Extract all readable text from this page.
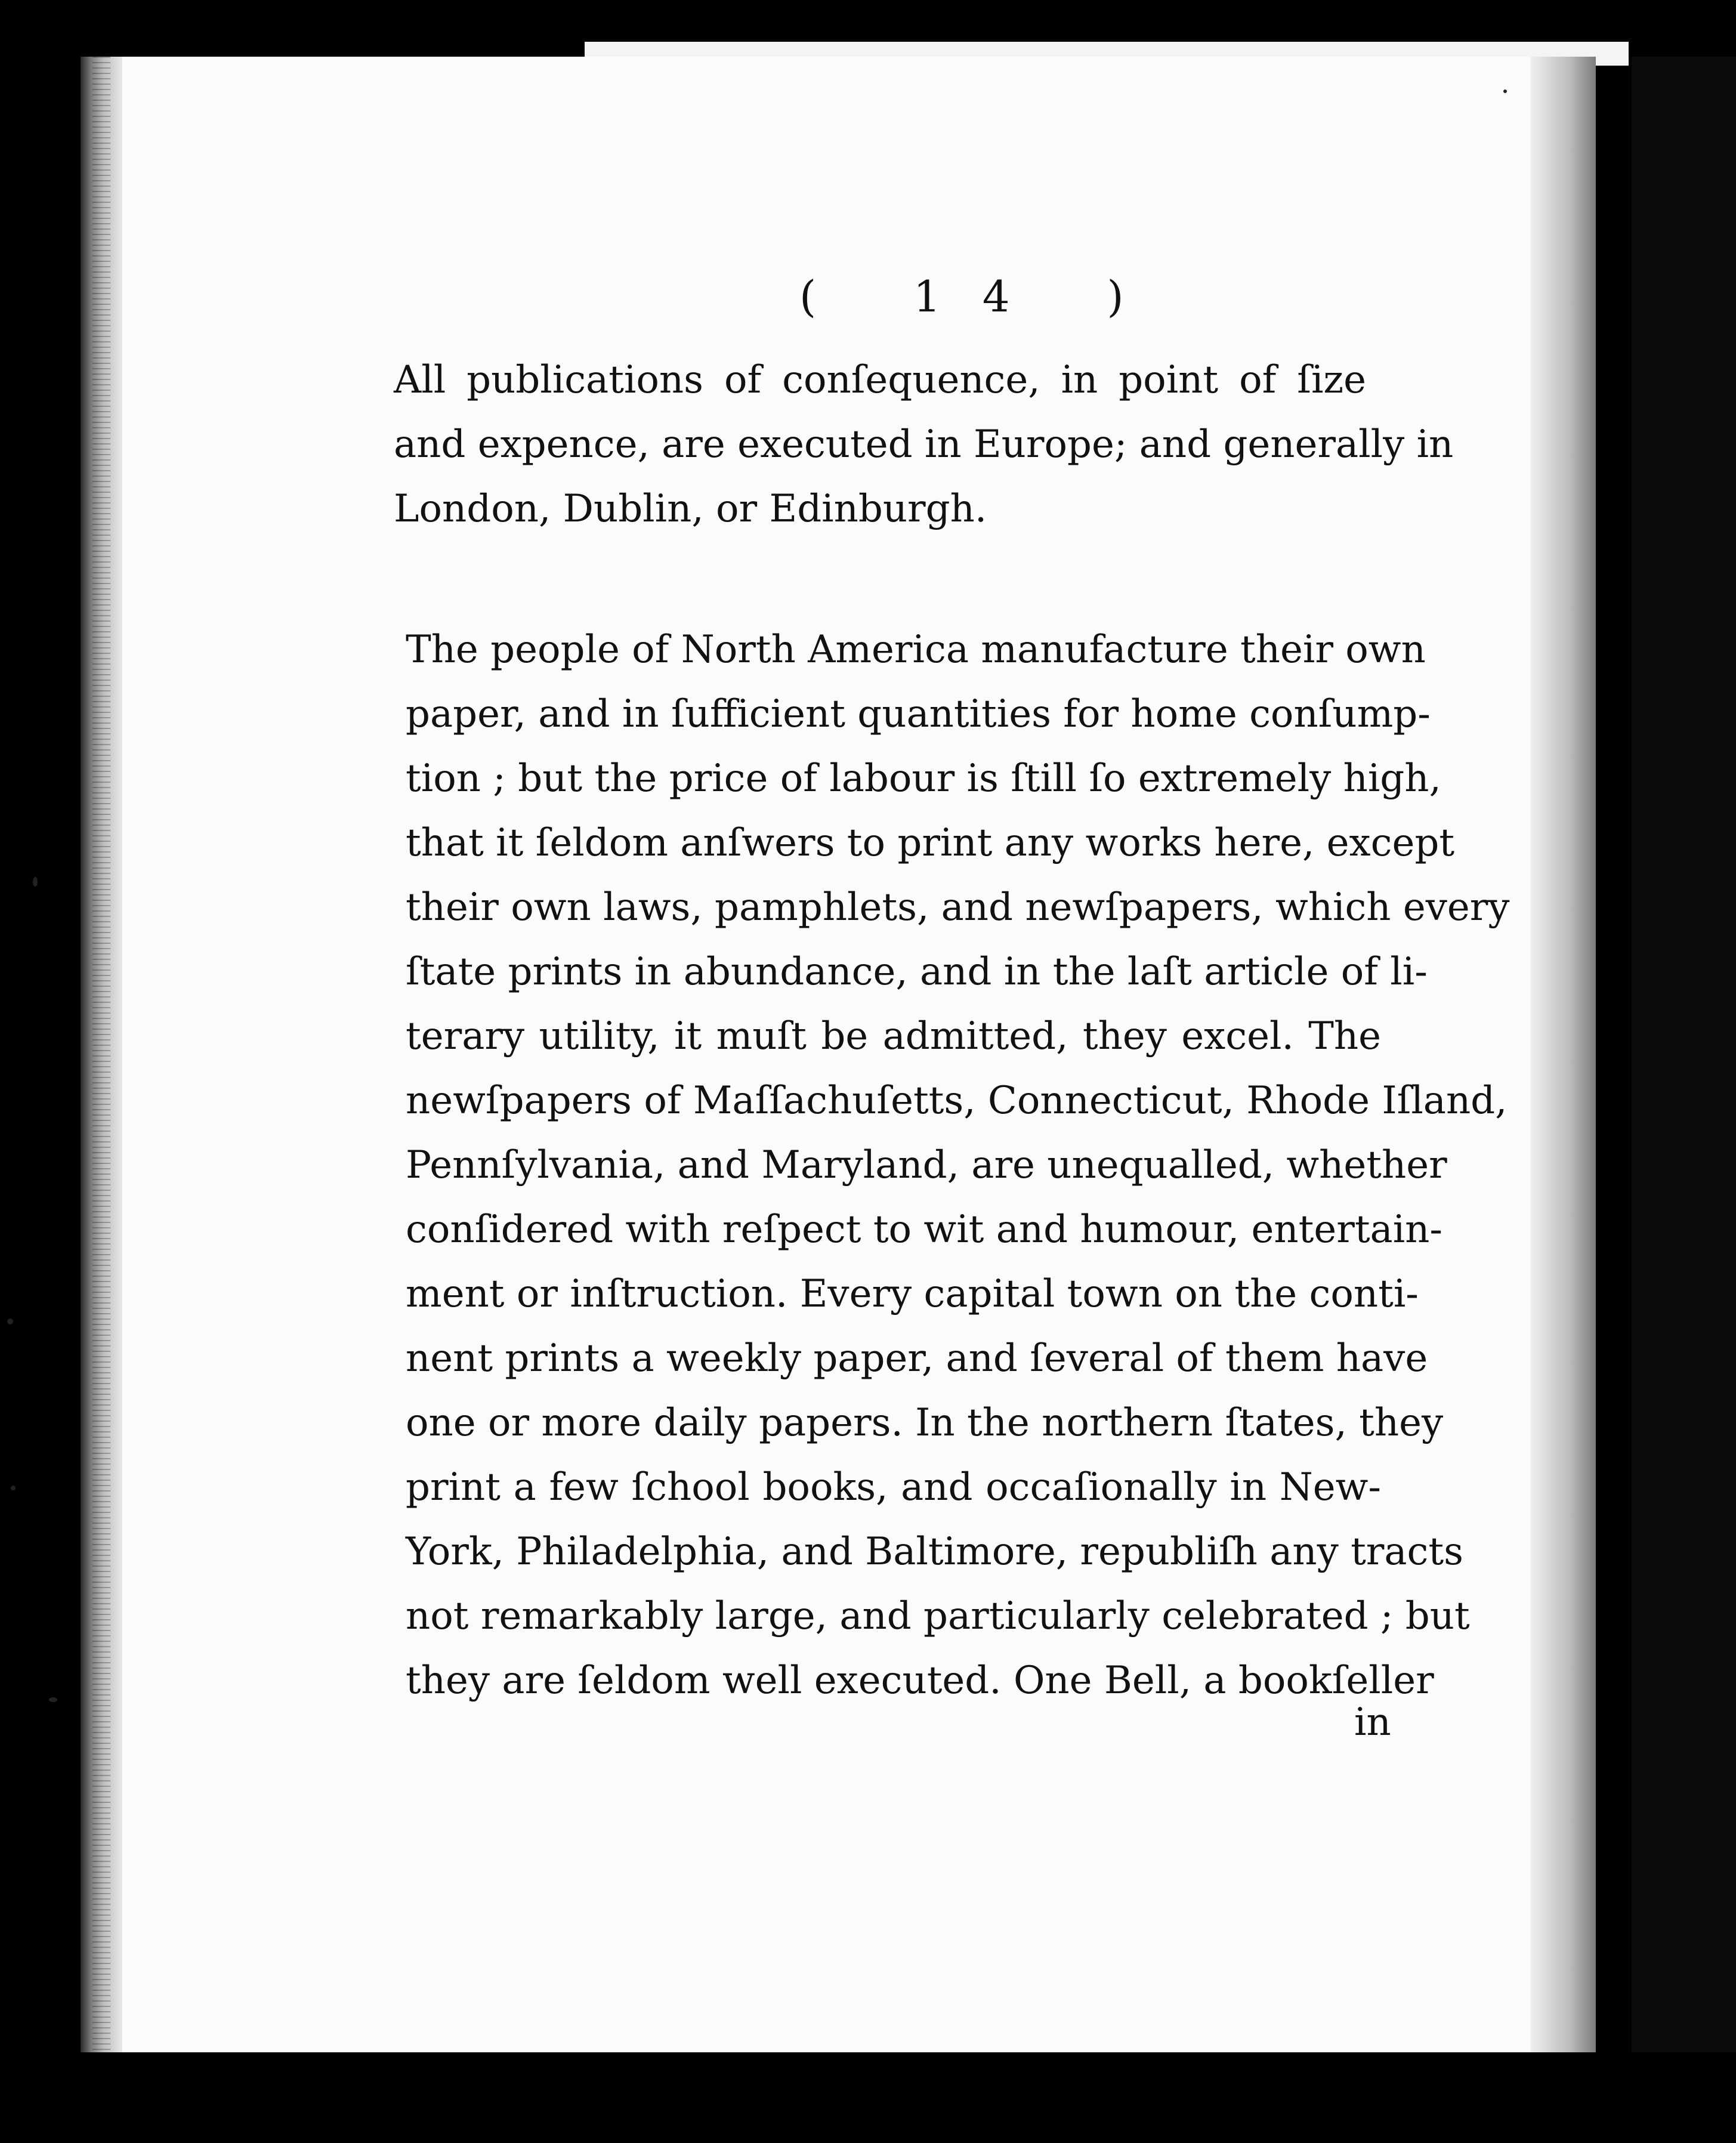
( 14 )
All publications of conſequence, in point of ſize
and expence, are executed in Europe; and generally in
London, Dublin, or Edinburgh.
The people of North America manufacture their own
paper, and in ſufficient quantities for home conſump-
tion ; but the price of labour is ſtill ſo extremely high,
that it ſeldom anſwers to print any works here, except
their own laws, pamphlets, and newſpapers, which every
ſtate prints in abundance, and in the laſt article of li-
terary utility, it muſt be admitted, they excel. The
newſpapers of Maſſachuſetts, Connecticut, Rhode Iſland,
Pennſylvania, and Maryland, are unequalled, whether
conſidered with reſpect to wit and humour, entertain-
ment or inſtruction. Every capital town on the conti-
nent prints a weekly paper, and ſeveral of them have
one or more daily papers. In the northern ſtates, they
print a few ſchool books, and occaſionally in New-
York, Philadelphia, and Baltimore, republiſh any tracts
not remarkably large, and particularly celebrated ; but
they are ſeldom well executed. One Bell, a bookſeller
in
